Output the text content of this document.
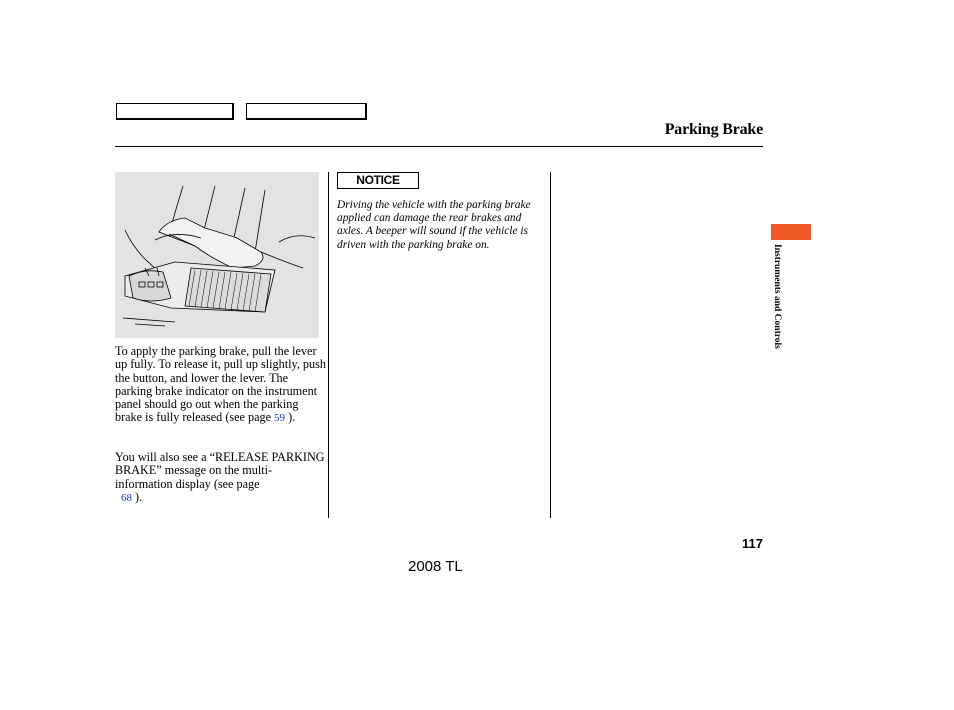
Parking Brake
To apply the parking brake, pull the lever up fully. To release it, pull up slightly, push the button, and lower the lever. The parking brake indicator on the instrument panel should go out when the parking brake is fully released (see page 59 ).
You will also see a “RELEASE PARKING BRAKE” message on the multi-information display (see page
68 ).
NOTICE
Driving the vehicle with the parking brake applied can damage the rear brakes and axles. A beeper will sound if the vehicle is driven with the parking brake on.	Instruments and Controls
117
2008 TL
